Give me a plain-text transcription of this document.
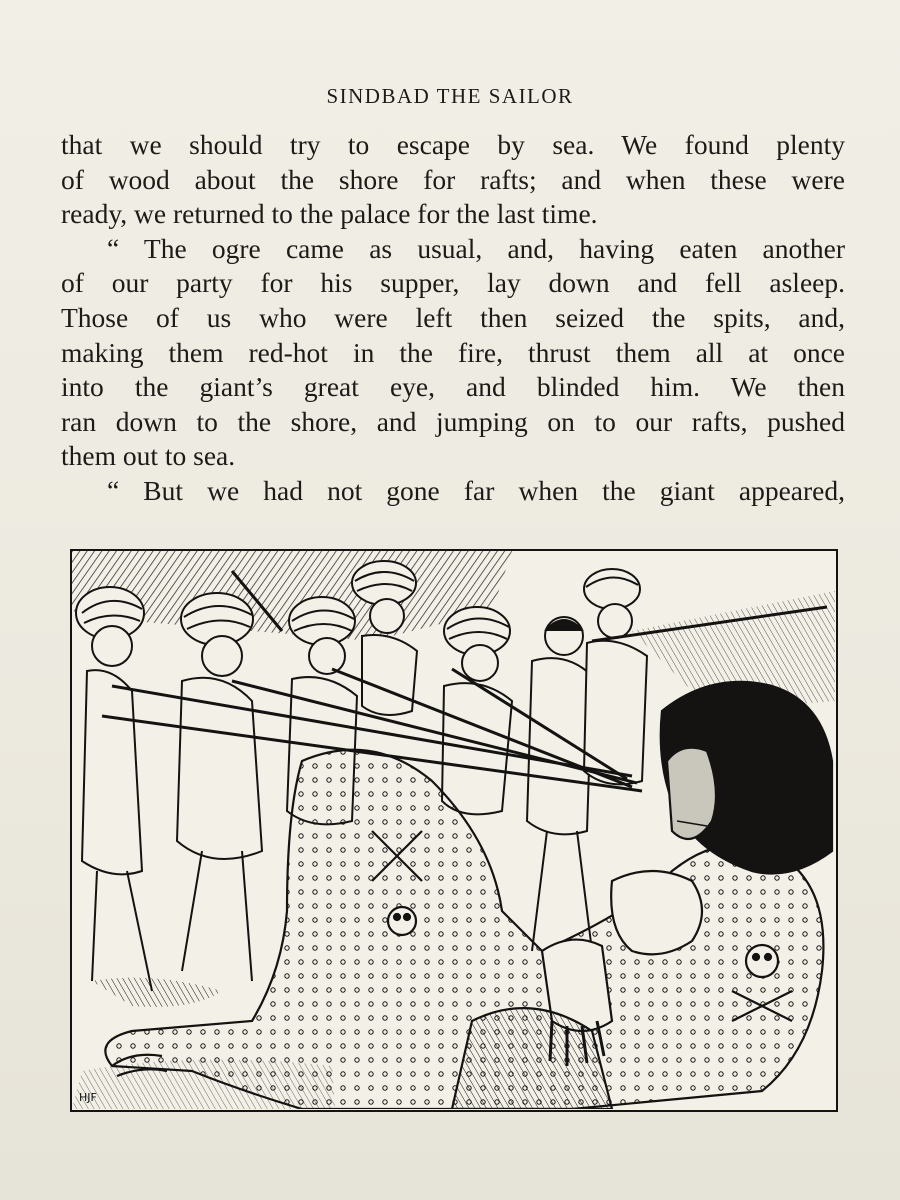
SINDBAD THE SAILOR
that we should try to escape by sea. We found plenty
of wood about the shore for rafts; and when these were
ready, we returned to the palace for the last time.
“ The ogre came as usual, and, having eaten another
of our party for his supper, lay down and fell asleep.
Those of us who were left then seized the spits, and,
making them red-hot in the fire, thrust them all at once
into the giant’s great eye, and blinded him. We then
ran down to the shore, and jumping on to our rafts, pushed
them out to sea.
“ But we had not gone far when the giant appeared,
HJF
